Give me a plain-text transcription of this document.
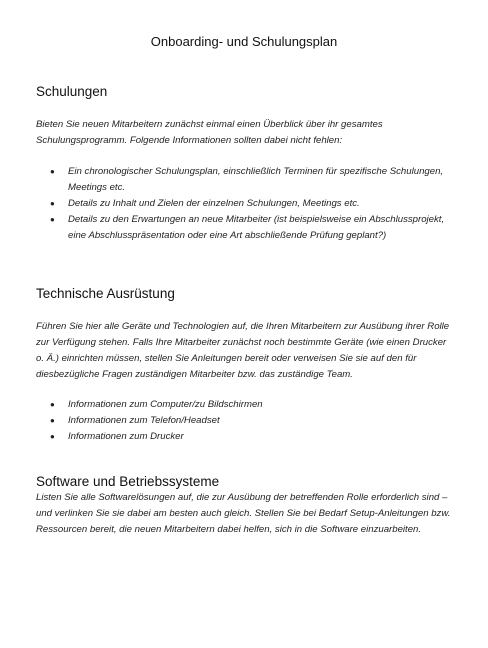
Onboarding- und Schulungsplan
Schulungen

Bieten Sie neuen Mitarbeitern zunächst einmal einen Überblick über ihr gesamtes Schulungsprogramm. Folgende Informationen sollten dabei nicht fehlen:

● Ein chronologischer Schulungsplan, einschließlich Terminen für spezifische Schulungen, Meetings etc.
● Details zu Inhalt und Zielen der einzelnen Schulungen, Meetings etc.
● Details zu den Erwartungen an neue Mitarbeiter (ist beispielsweise ein Abschlussprojekt, eine Abschlusspräsentation oder eine Art abschließende Prüfung geplant?)
Technische Ausrüstung

Führen Sie hier alle Geräte und Technologien auf, die Ihren Mitarbeitern zur Ausübung ihrer Rolle zur Verfügung stehen. Falls Ihre Mitarbeiter zunächst noch bestimmte Geräte (wie einen Drucker o. Ä.) einrichten müssen, stellen Sie Anleitungen bereit oder verweisen Sie sie auf den für diesbezügliche Fragen zuständigen Mitarbeiter bzw. das zuständige Team.

● Informationen zum Computer/zu Bildschirmen
● Informationen zum Telefon/Headset
● Informationen zum Drucker
Software und Betriebssysteme

Listen Sie alle Softwarelösungen auf, die zur Ausübung der betreffenden Rolle erforderlich sind – und verlinken Sie sie dabei am besten auch gleich. Stellen Sie bei Bedarf Setup-Anleitungen bzw. Ressourcen bereit, die neuen Mitarbeitern dabei helfen, sich in die Software einzuarbeiten.
